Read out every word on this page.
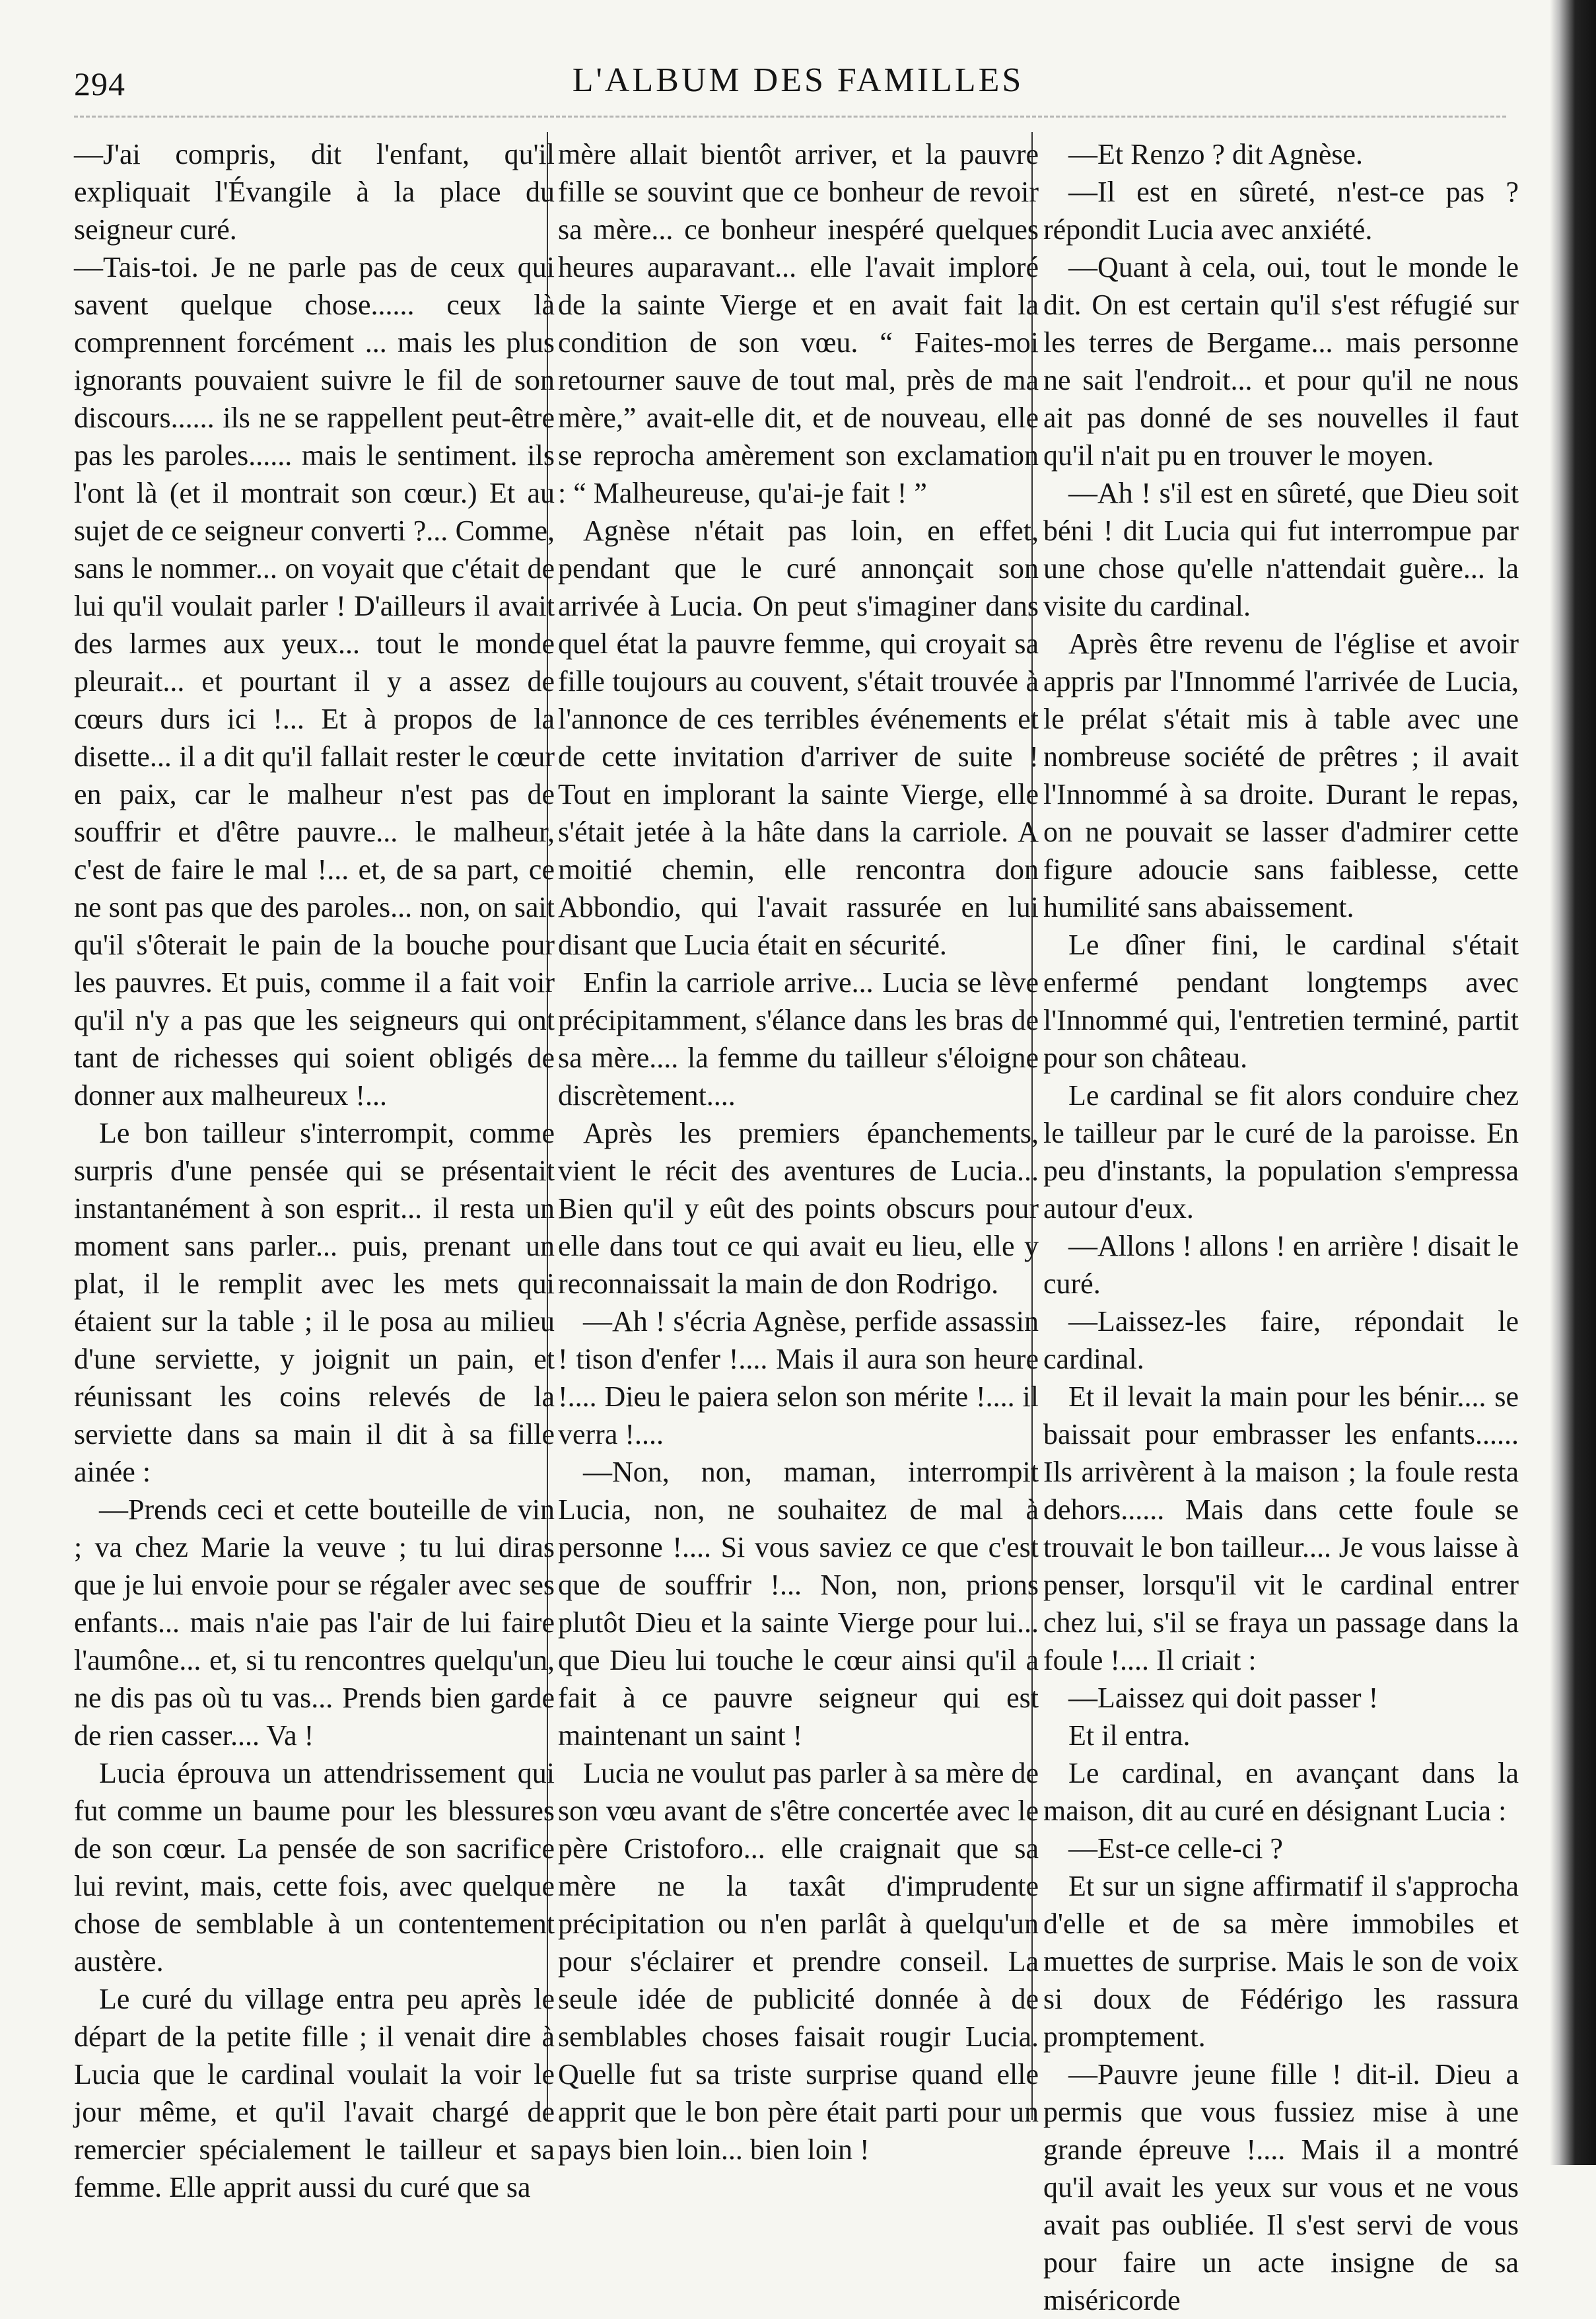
294	L'ALBUM DES FAMILLES

—J'ai compris, dit l'enfant, qu'il expliquait l'Évangile à la place du seigneur curé.

—Tais-toi. Je ne parle pas de ceux qui savent quelque chose...... ceux là comprennent forcément ... mais les plus ignorants pouvaient suivre le fil de son discours...... ils ne se rappellent peut-être pas les paroles...... mais le sentiment. ils l'ont là (et il montrait son cœur.) Et au sujet de ce seigneur converti ?... Comme, sans le nommer... on voyait que c'était de lui qu'il voulait parler ! D'ailleurs il avait des larmes aux yeux... tout le monde pleurait... et pourtant il y a assez de cœurs durs ici !... Et à propos de la disette... il a dit qu'il fallait rester le cœur en paix, car le malheur n'est pas de souffrir et d'être pauvre... le malheur, c'est de faire le mal !... et, de sa part, ce ne sont pas que des paroles... non, on sait qu'il s'ôterait le pain de la bouche pour les pauvres. Et puis, comme il a fait voir qu'il n'y a pas que les seigneurs qui ont tant de richesses qui soient obligés de donner aux malheureux !...

Le bon tailleur s'interrompit, comme surpris d'une pensée qui se présentait instantanément à son esprit... il resta un moment sans parler... puis, prenant un plat, il le remplit avec les mets qui étaient sur la table ; il le posa au milieu d'une serviette, y joignit un pain, et réunissant les coins relevés de la serviette dans sa main il dit à sa fille ainée :

—Prends ceci et cette bouteille de vin ; va chez Marie la veuve ; tu lui diras que je lui envoie pour se régaler avec ses enfants... mais n'aie pas l'air de lui faire l'aumône... et, si tu rencontres quelqu'un, ne dis pas où tu vas... Prends bien garde de rien casser.... Va !

Lucia éprouva un attendrissement qui fut comme un baume pour les blessures de son cœur. La pensée de son sacrifice lui revint, mais, cette fois, avec quelque chose de semblable à un contentement austère.

Le curé du village entra peu après le départ de la petite fille ; il venait dire à Lucia que le cardinal voulait la voir le jour même, et qu'il l'avait chargé de remercier spécialement le tailleur et sa femme. Elle apprit aussi du curé que sa

mère allait bientôt arriver, et la pauvre fille se souvint que ce bonheur de revoir sa mère... ce bonheur inespéré quelques heures auparavant... elle l'avait imploré de la sainte Vierge et en avait fait la condition de son vœu. “ Faites-moi retourner sauve de tout mal, près de ma mère,” avait-elle dit, et de nouveau, elle se reprocha amèrement son exclamation : “ Malheureuse, qu'ai-je fait ! ”

Agnèse n'était pas loin, en effet, pendant que le curé annonçait son arrivée à Lucia. On peut s'imaginer dans quel état la pauvre femme, qui croyait sa fille toujours au couvent, s'était trouvée à l'annonce de ces terribles événements et de cette invitation d'arriver de suite ! Tout en implorant la sainte Vierge, elle s'était jetée à la hâte dans la carriole. A moitié chemin, elle rencontra don Abbondio, qui l'avait rassurée en lui disant que Lucia était en sécurité.

Enfin la carriole arrive... Lucia se lève précipitamment, s'élance dans les bras de sa mère.... la femme du tailleur s'éloigne discrètement....

Après les premiers épanchements, vient le récit des aventures de Lucia... Bien qu'il y eût des points obscurs pour elle dans tout ce qui avait eu lieu, elle y reconnaissait la main de don Rodrigo.

—Ah ! s'écria Agnèse, perfide assassin ! tison d'enfer !.... Mais il aura son heure !.... Dieu le paiera selon son mérite !.... il verra !....

—Non, non, maman, interrompit Lucia, non, ne souhaitez de mal à personne !.... Si vous saviez ce que c'est que de souffrir !... Non, non, prions plutôt Dieu et la sainte Vierge pour lui... que Dieu lui touche le cœur ainsi qu'il a fait à ce pauvre seigneur qui est maintenant un saint !

Lucia ne voulut pas parler à sa mère de son vœu avant de s'être concertée avec le père Cristoforo... elle craignait que sa mère ne la taxât d'imprudente précipitation ou n'en parlât à quelqu'un pour s'éclairer et prendre conseil. La seule idée de publicité donnée à de semblables choses faisait rougir Lucia. Quelle fut sa triste surprise quand elle apprit que le bon père était parti pour un pays bien loin... bien loin !

—Et Renzo ? dit Agnèse.

—Il est en sûreté, n'est-ce pas ? répondit Lucia avec anxiété.

—Quant à cela, oui, tout le monde le dit. On est certain qu'il s'est réfugié sur les terres de Bergame... mais personne ne sait l'endroit... et pour qu'il ne nous ait pas donné de ses nouvelles il faut qu'il n'ait pu en trouver le moyen.

—Ah ! s'il est en sûreté, que Dieu soit béni ! dit Lucia qui fut interrompue par une chose qu'elle n'attendait guère... la visite du cardinal.

Après être revenu de l'église et avoir appris par l'Innommé l'arrivée de Lucia, le prélat s'était mis à table avec une nombreuse société de prêtres ; il avait l'Innommé à sa droite. Durant le repas, on ne pouvait se lasser d'admirer cette figure adoucie sans faiblesse, cette humilité sans abaissement.

Le dîner fini, le cardinal s'était enfermé pendant longtemps avec l'Innommé qui, l'entretien terminé, partit pour son château.

Le cardinal se fit alors conduire chez le tailleur par le curé de la paroisse. En peu d'instants, la population s'empressa autour d'eux.

—Allons ! allons ! en arrière ! disait le curé.

—Laissez-les faire, répondait le cardinal.

Et il levait la main pour les bénir.... se baissait pour embrasser les enfants...... Ils arrivèrent à la maison ; la foule resta dehors...... Mais dans cette foule se trouvait le bon tailleur.... Je vous laisse à penser, lorsqu'il vit le cardinal entrer chez lui, s'il se fraya un passage dans la foule !.... Il criait :

—Laissez qui doit passer !

Et il entra.

Le cardinal, en avançant dans la maison, dit au curé en désignant Lucia :

—Est-ce celle-ci ?

Et sur un signe affirmatif il s'approcha d'elle et de sa mère immobiles et muettes de surprise. Mais le son de voix si doux de Fédérigo les rassura promptement.

—Pauvre jeune fille ! dit-il. Dieu a permis que vous fussiez mise à une grande épreuve !.... Mais il a montré qu'il avait les yeux sur vous et ne vous avait pas oubliée. Il s'est servi de vous pour faire un acte insigne de sa miséricorde
